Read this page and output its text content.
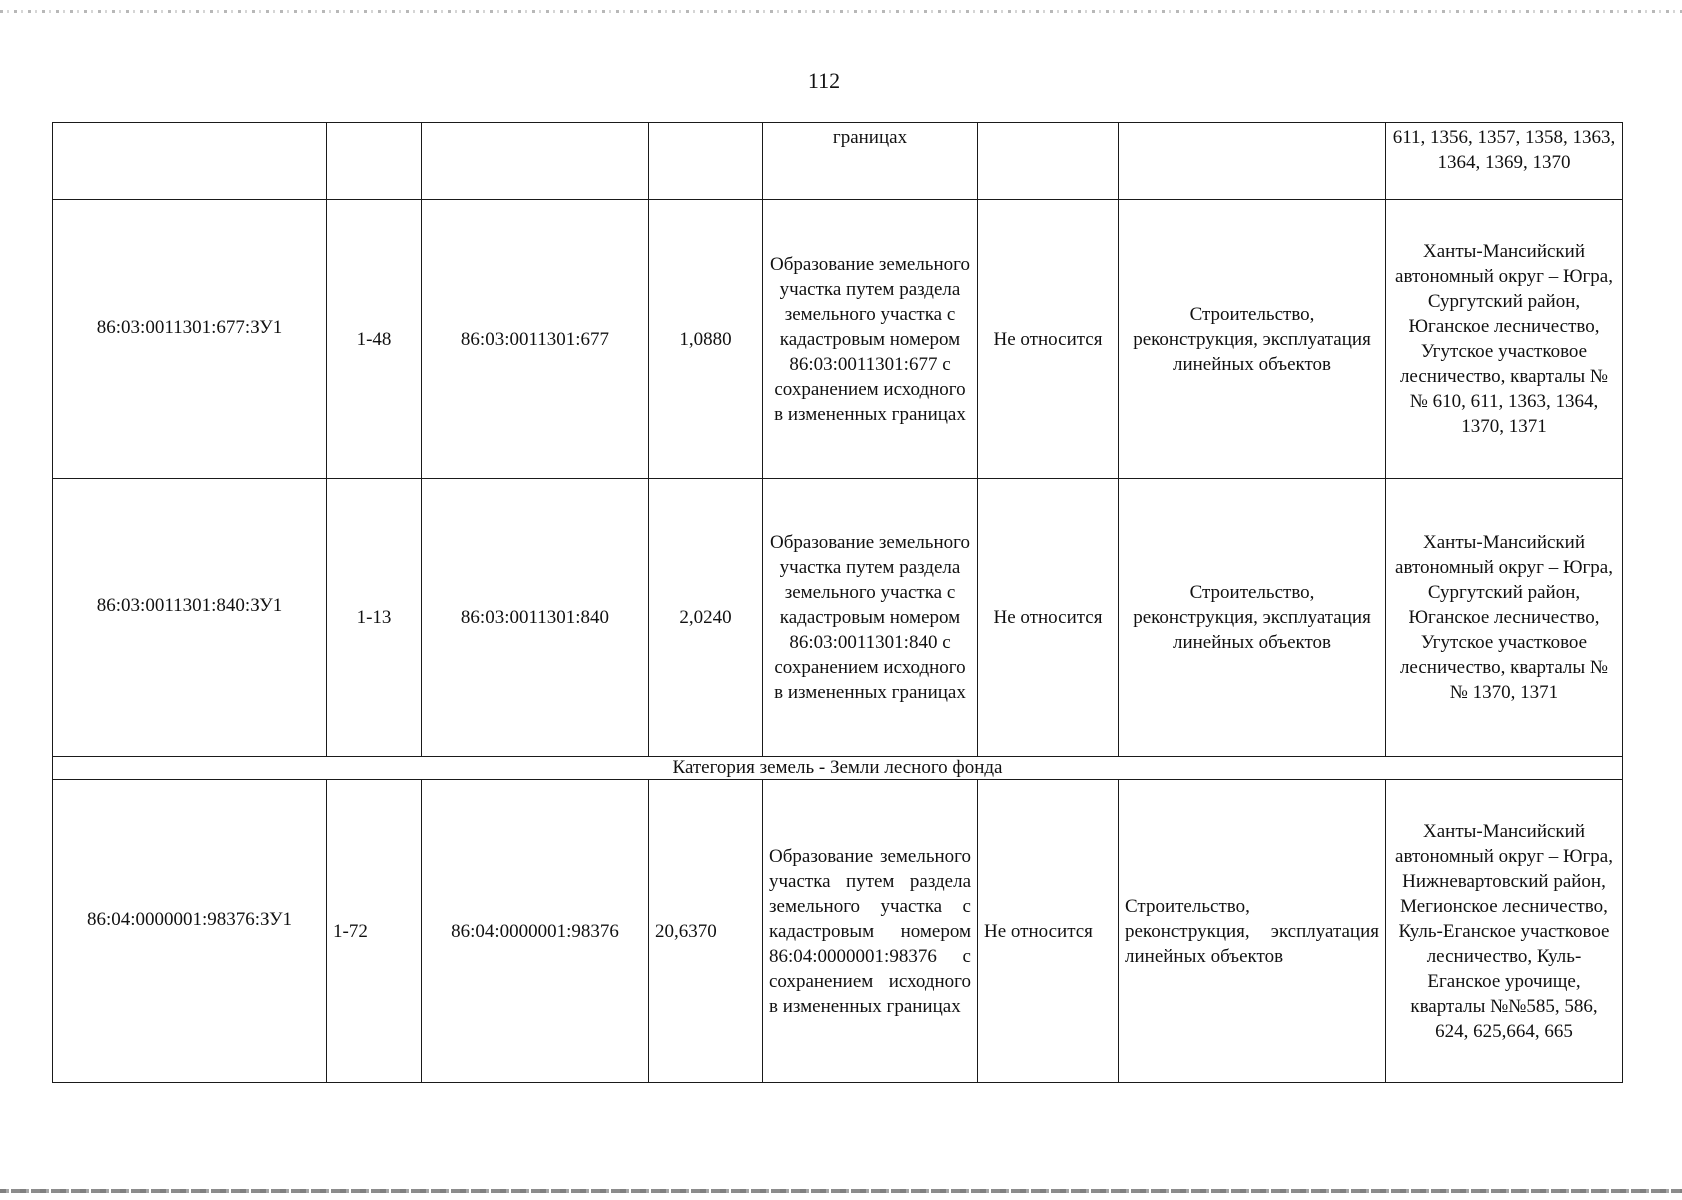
112
				границах			611, 1356, 1357, 1358, 1363, 1364, 1369, 1370
86:03:0011301:677:ЗУ1	1-48	86:03:0011301:677	1,0880	Образование земельного участка путем раздела земельного участка с кадастровым номером 86:03:0011301:677 с сохранением исходного в измененных границах	Не относится	Строительство, реконструкция, эксплуатация линейных объектов	Ханты-Мансийский автономный округ – Югра, Сургутский район, Юганское лесничество, Угутское участковое лесничество, кварталы №№ 610, 611, 1363, 1364, 1370, 1371
86:03:0011301:840:ЗУ1	1-13	86:03:0011301:840	2,0240	Образование земельного участка путем раздела земельного участка с кадастровым номером 86:03:0011301:840 с сохранением исходного в измененных границах	Не относится	Строительство, реконструкция, эксплуатация линейных объектов	Ханты-Мансийский автономный округ – Югра, Сургутский район, Юганское лесничество, Угутское участковое лесничество, кварталы №№ 1370, 1371
Категория земель - Земли лесного фонда							
86:04:0000001:98376:ЗУ1	1-72	86:04:0000001:98376	20,6370	Образование земельного участка путем раздела земельного участка с кадастровым номером 86:04:0000001:98376 с сохранением исходного в измененных границах	Не относится	Строительство, реконструкция, эксплуатация линейных объектов	Ханты-Мансийский автономный округ – Югра, Нижневартовский район, Мегионское лесничество, Куль-Еганское участковое лесничество, Куль-Еганское урочище, кварталы №№585, 586, 624, 625,664, 665
